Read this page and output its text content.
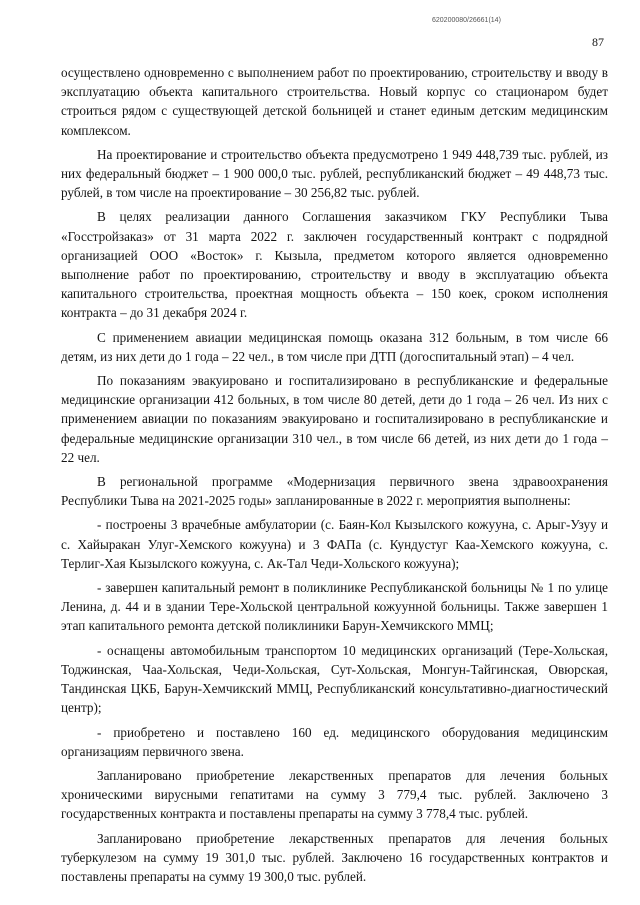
620200080/26661(14)
87

осуществлено одновременно с выполнением работ по проектированию, строительству и вводу в эксплуатацию объекта капитального строительства. Новый корпус со стационаром будет строиться рядом с существующей детской больницей и станет единым детским медицинским комплексом.

На проектирование и строительство объекта предусмотрено 1 949 448,739 тыс. рублей, из них федеральный бюджет – 1 900 000,0 тыс. рублей, республиканский бюджет – 49 448,73 тыс. рублей, в том числе на проектирование – 30 256,82 тыс. рублей.

В целях реализации данного Соглашения заказчиком ГКУ Республики Тыва «Госстройзаказ» от 31 марта 2022 г. заключен государственный контракт с подрядной организацией ООО «Восток» г. Кызыла, предметом которого является одновременно выполнение работ по проектированию, строительству и вводу в эксплуатацию объекта капитального строительства, проектная мощность объекта – 150 коек, сроком исполнения контракта – до 31 декабря 2024 г.

С применением авиации медицинская помощь оказана 312 больным, в том числе 66 детям, из них дети до 1 года – 22 чел., в том числе при ДТП (догоспитальный этап) – 4 чел.

По показаниям эвакуировано и госпитализировано в республиканские и федеральные медицинские организации 412 больных, в том числе 80 детей, дети до 1 года – 26 чел. Из них с применением авиации по показаниям эвакуировано и госпитализировано в республиканские и федеральные медицинские организации 310 чел., в том числе 66 детей, из них дети до 1 года – 22 чел.

В региональной программе «Модернизация первичного звена здравоохранения Республики Тыва на 2021-2025 годы» запланированные в 2022 г. мероприятия выполнены:

- построены 3 врачебные амбулатории (с. Баян-Кол Кызылского кожууна, с. Арыг-Узуу и с. Хайыракан Улуг-Хемского кожууна) и 3 ФАПа (с. Кундустуг Каа-Хемского кожууна, с. Терлиг-Хая Кызылского кожууна, с. Ак-Тал Чеди-Хольского кожууна);

- завершен капитальный ремонт в поликлинике Республиканской больницы № 1 по улице Ленина, д. 44 и в здании Тере-Хольской центральной кожуунной больницы. Также завершен 1 этап капитального ремонта детской поликлиники Барун-Хемчикского ММЦ;

- оснащены автомобильным транспортом 10 медицинских организаций (Тере-Хольская, Тоджинская, Чаа-Хольская, Чеди-Хольская, Сут-Хольская, Монгун-Тайгинская, Овюрская, Тандинская ЦКБ, Барун-Хемчикский ММЦ, Республиканский консультативно-диагностический центр);

- приобретено и поставлено 160 ед. медицинского оборудования медицинским организациям первичного звена.

Запланировано приобретение лекарственных препаратов для лечения больных хроническими вирусными гепатитами на сумму 3 779,4 тыс. рублей. Заключено 3 государственных контракта и поставлены препараты на сумму 3 778,4 тыс. рублей.

Запланировано приобретение лекарственных препаратов для лечения больных туберкулезом на сумму 19 301,0 тыс. рублей. Заключено 16 государственных контрактов и поставлены препараты на сумму 19 300,0 тыс. рублей.
